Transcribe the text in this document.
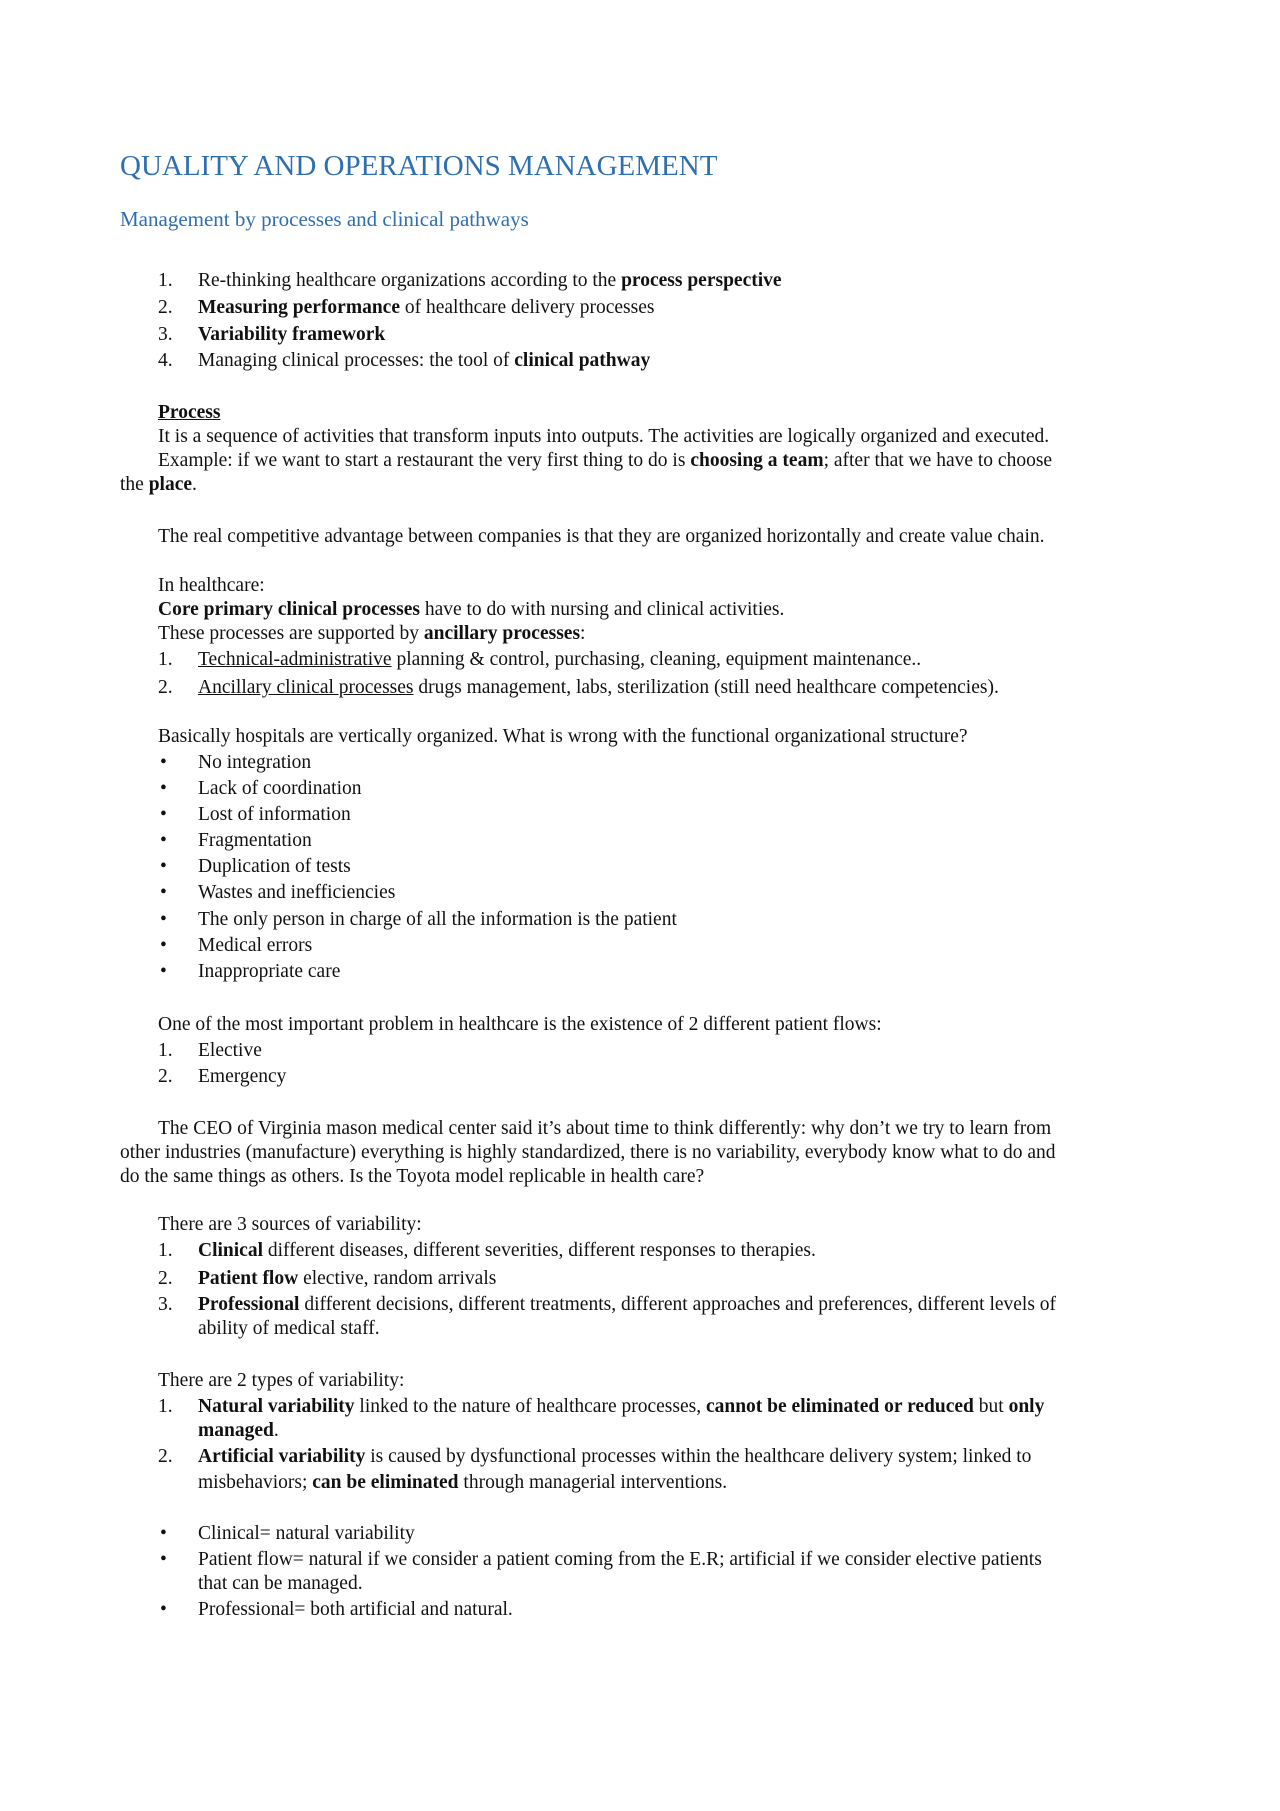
QUALITY AND OPERATIONS MANAGEMENT
Management by processes and clinical pathways
1. Re-thinking healthcare organizations according to the process perspective
2. Measuring performance of healthcare delivery processes
3. Variability framework
4. Managing clinical processes: the tool of clinical pathway
Process
It is a sequence of activities that transform inputs into outputs. The activities are logically organized and executed.
Example: if we want to start a restaurant the very first thing to do is choosing a team; after that we have to choose
the place.
The real competitive advantage between companies is that they are organized horizontally and create value chain.
In healthcare:
Core primary clinical processes have to do with nursing and clinical activities.
These processes are supported by ancillary processes:
1. Technical-administrative planning & control, purchasing, cleaning, equipment maintenance..
2. Ancillary clinical processes drugs management, labs, sterilization (still need healthcare competencies).
Basically hospitals are vertically organized. What is wrong with the functional organizational structure?
• No integration
• Lack of coordination
• Lost of information
• Fragmentation
• Duplication of tests
• Wastes and inefficiencies
• The only person in charge of all the information is the patient
• Medical errors
• Inappropriate care
One of the most important problem in healthcare is the existence of 2 different patient flows:
1. Elective
2. Emergency
The CEO of Virginia mason medical center said it’s about time to think differently: why don’t we try to learn from
other industries (manufacture) everything is highly standardized, there is no variability, everybody know what to do and
do the same things as others. Is the Toyota model replicable in health care?
There are 3 sources of variability:
1. Clinical different diseases, different severities, different responses to therapies.
2. Patient flow elective, random arrivals
3. Professional different decisions, different treatments, different approaches and preferences, different levels of
ability of medical staff.
There are 2 types of variability:
1. Natural variability linked to the nature of healthcare processes, cannot be eliminated or reduced but only
managed.
2. Artificial variability is caused by dysfunctional processes within the healthcare delivery system; linked to
misbehaviors; can be eliminated through managerial interventions.
• Clinical= natural variability
• Patient flow= natural if we consider a patient coming from the E.R; artificial if we consider elective patients
that can be managed.
• Professional= both artificial and natural.
